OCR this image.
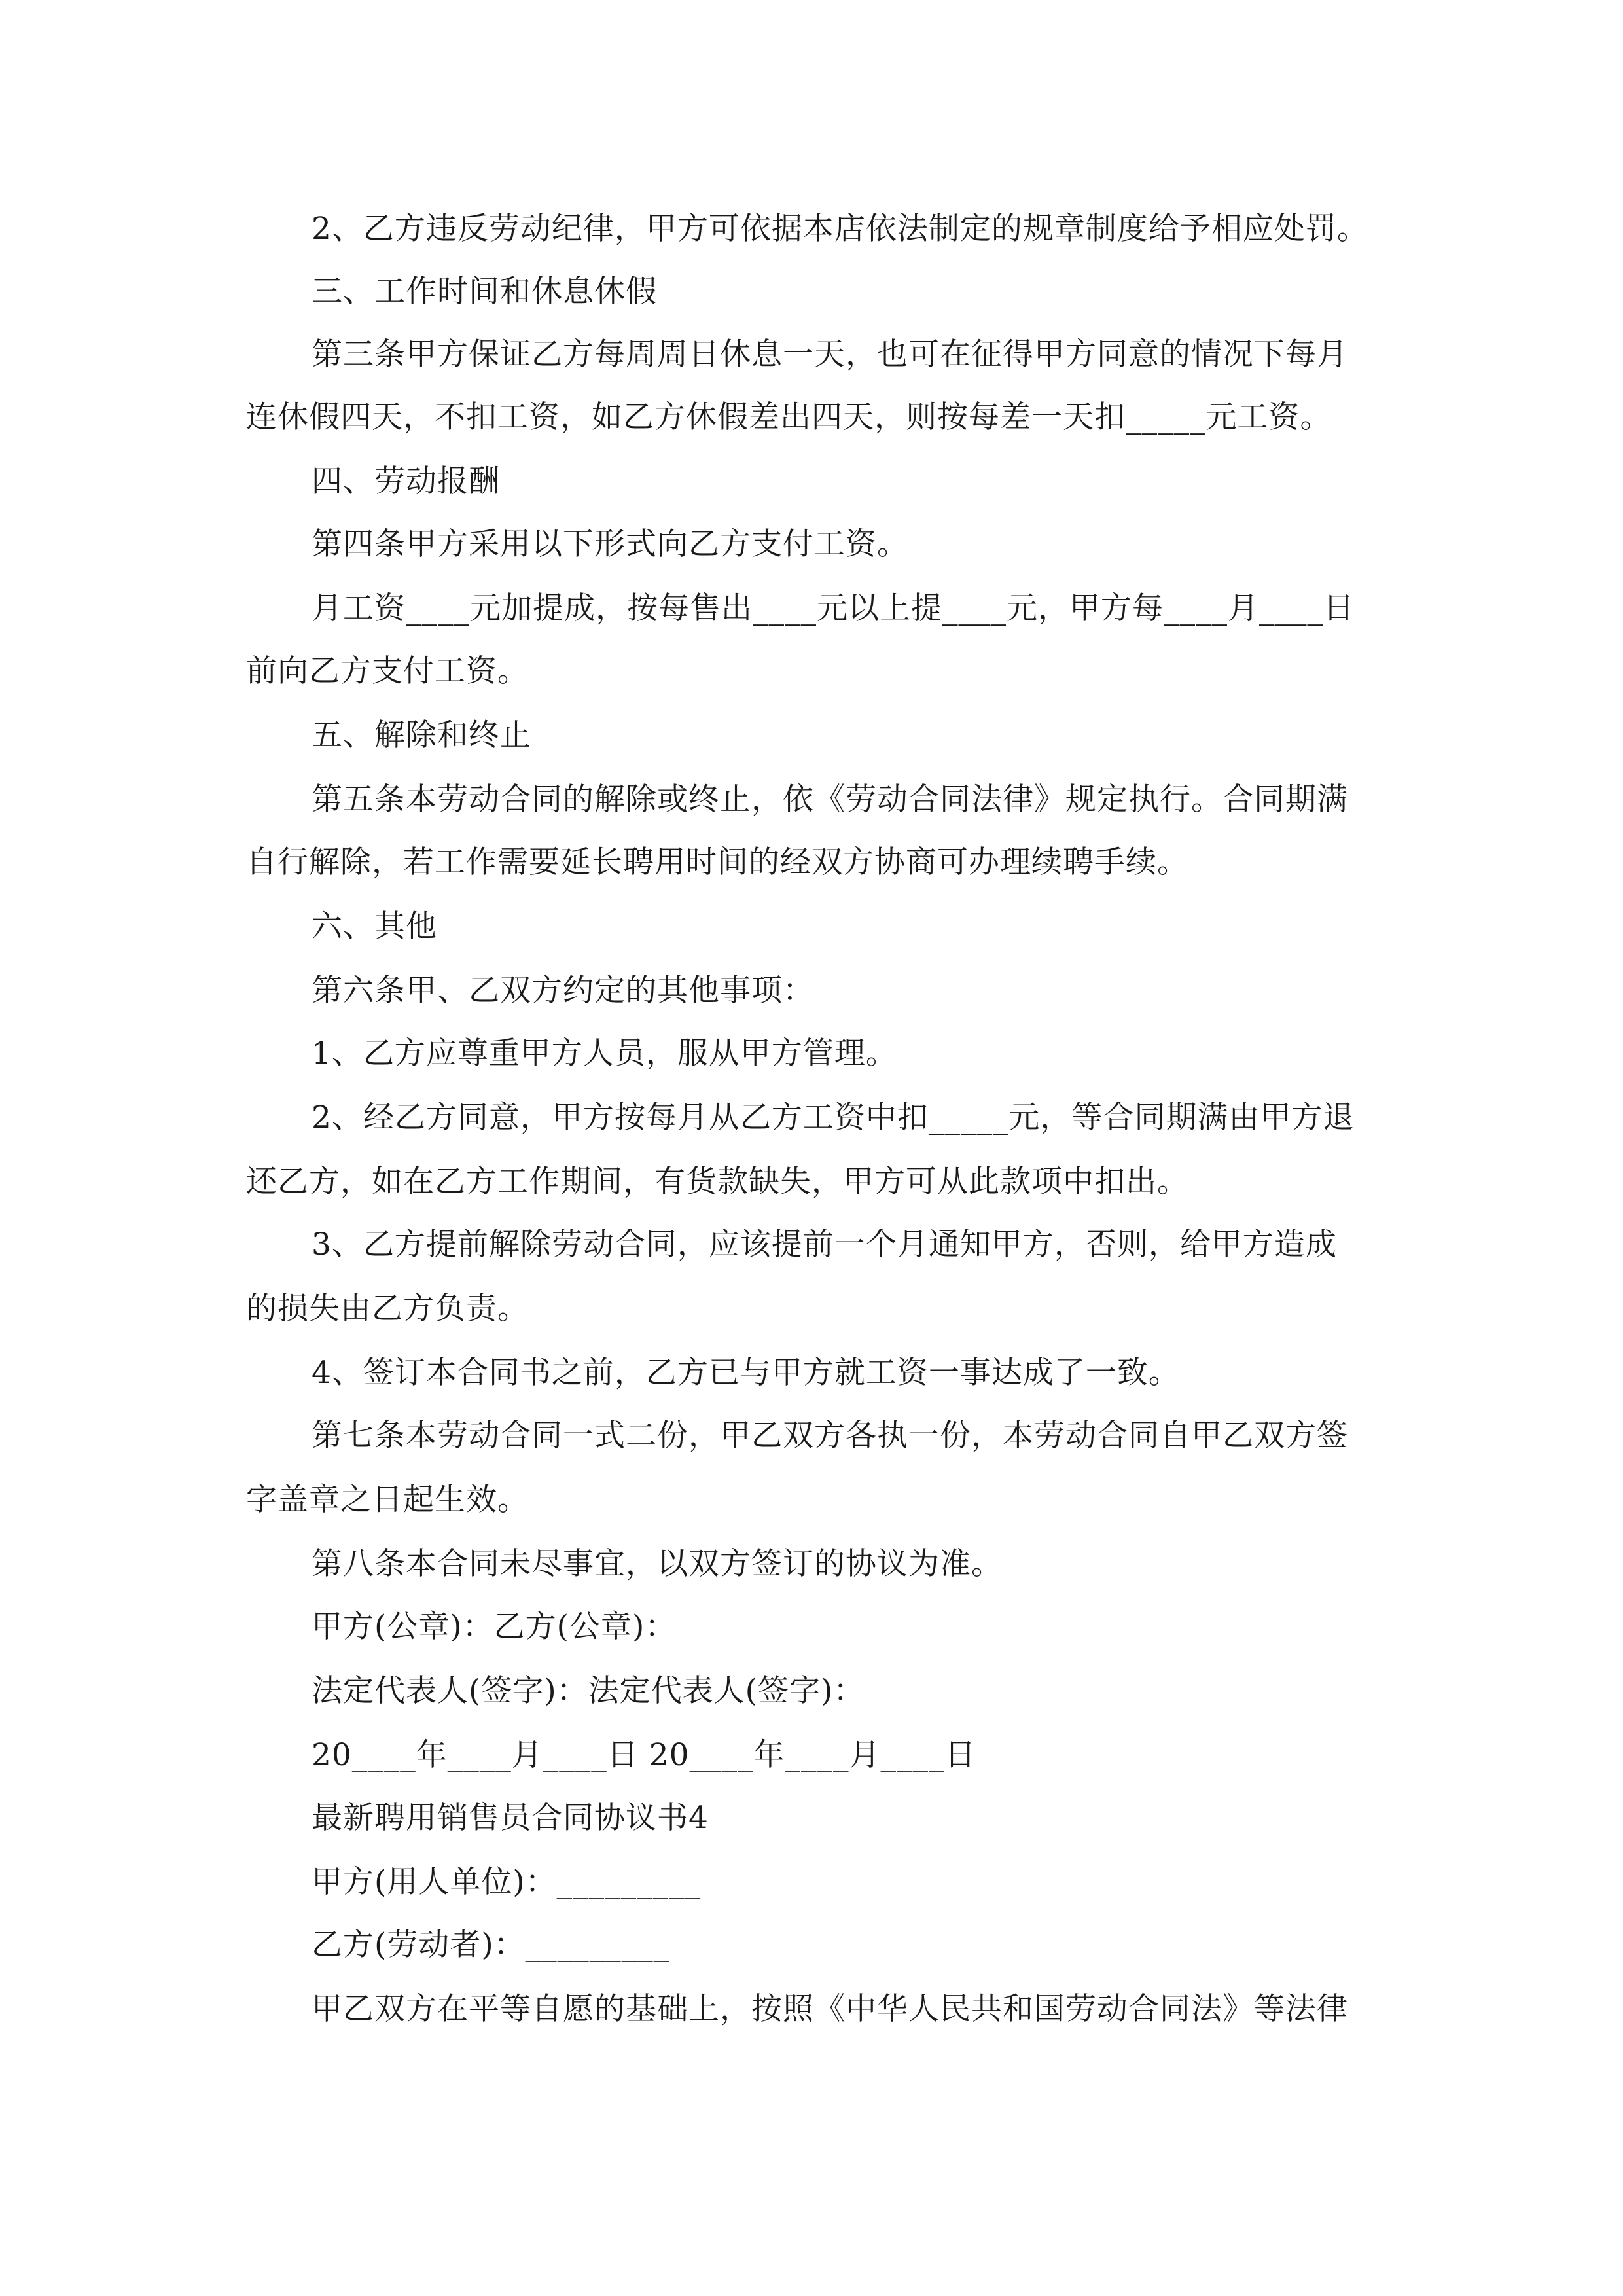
2、乙方违反劳动纪律，甲方可依据本店依法制定的规章制度给予相应处罚。
三、工作时间和休息休假
第三条甲方保证乙方每周周日休息一天，也可在征得甲方同意的情况下每月
连休假四天，不扣工资，如乙方休假差出四天，则按每差一天扣_____元工资。
四、劳动报酬
第四条甲方采用以下形式向乙方支付工资。
月工资____元加提成，按每售出____元以上提____元，甲方每____月____日
前向乙方支付工资。
五、解除和终止
第五条本劳动合同的解除或终止，依《劳动合同法律》规定执行。合同期满
自行解除，若工作需要延长聘用时间的经双方协商可办理续聘手续。
六、其他
第六条甲、乙双方约定的其他事项：
1、乙方应尊重甲方人员，服从甲方管理。
2、经乙方同意，甲方按每月从乙方工资中扣_____元，等合同期满由甲方退
还乙方，如在乙方工作期间，有货款缺失，甲方可从此款项中扣出。
3、乙方提前解除劳动合同，应该提前一个月通知甲方，否则，给甲方造成
的损失由乙方负责。
4、签订本合同书之前，乙方已与甲方就工资一事达成了一致。
第七条本劳动合同一式二份，甲乙双方各执一份，本劳动合同自甲乙双方签
字盖章之日起生效。
第八条本合同未尽事宜，以双方签订的协议为准。
甲方(公章)：乙方(公章)：
法定代表人(签字)：法定代表人(签字)：
20____年____月____日 20____年____月____日
最新聘用销售员合同协议书4
甲方(用人单位)：_________
乙方(劳动者)：_________
甲乙双方在平等自愿的基础上，按照《中华人民共和国劳动合同法》等法律
